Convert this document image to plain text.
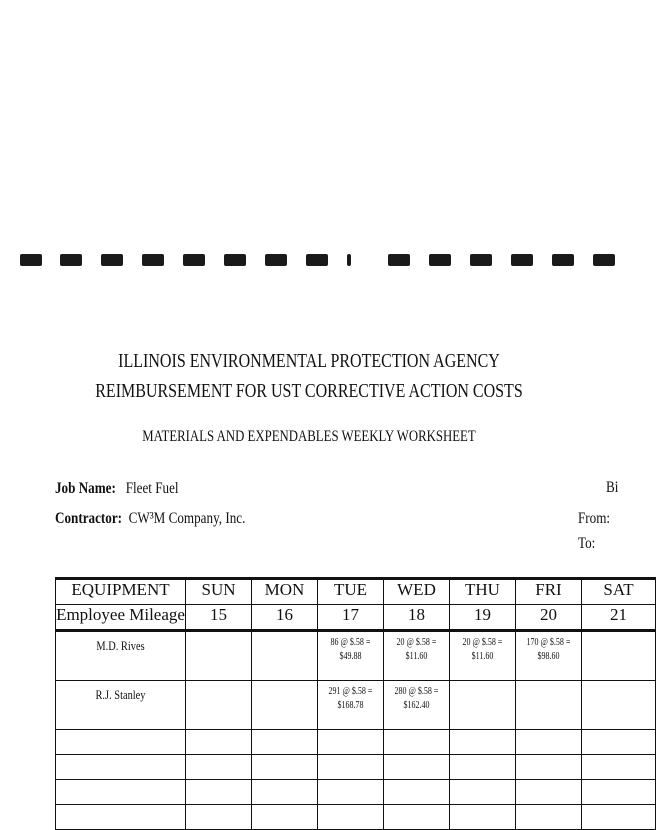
ILLINOIS ENVIRONMENTAL PROTECTION AGENCY
REIMBURSEMENT FOR UST CORRECTIVE ACTION COSTS
MATERIALS AND EXPENDABLES WEEKLY WORKSHEET
Job Name: Fleet Fuel
Contractor: CW³M Company, Inc.
Bi
From:
To:
EQUIPMENT	SUN	MON	TUE	WED	THU	FRI	SAT
Employee Mileage	15	16	17	18	19	20	21

M.D. Rives			86 @ $.58 = $49.88	20 @ $.58 = $11.60	20 @ $.58 = $11.60	170 @ $.58 = $98.60	

R.J. Stanley			291 @ $.58 = $168.78	280 @ $.58 = $162.40			
